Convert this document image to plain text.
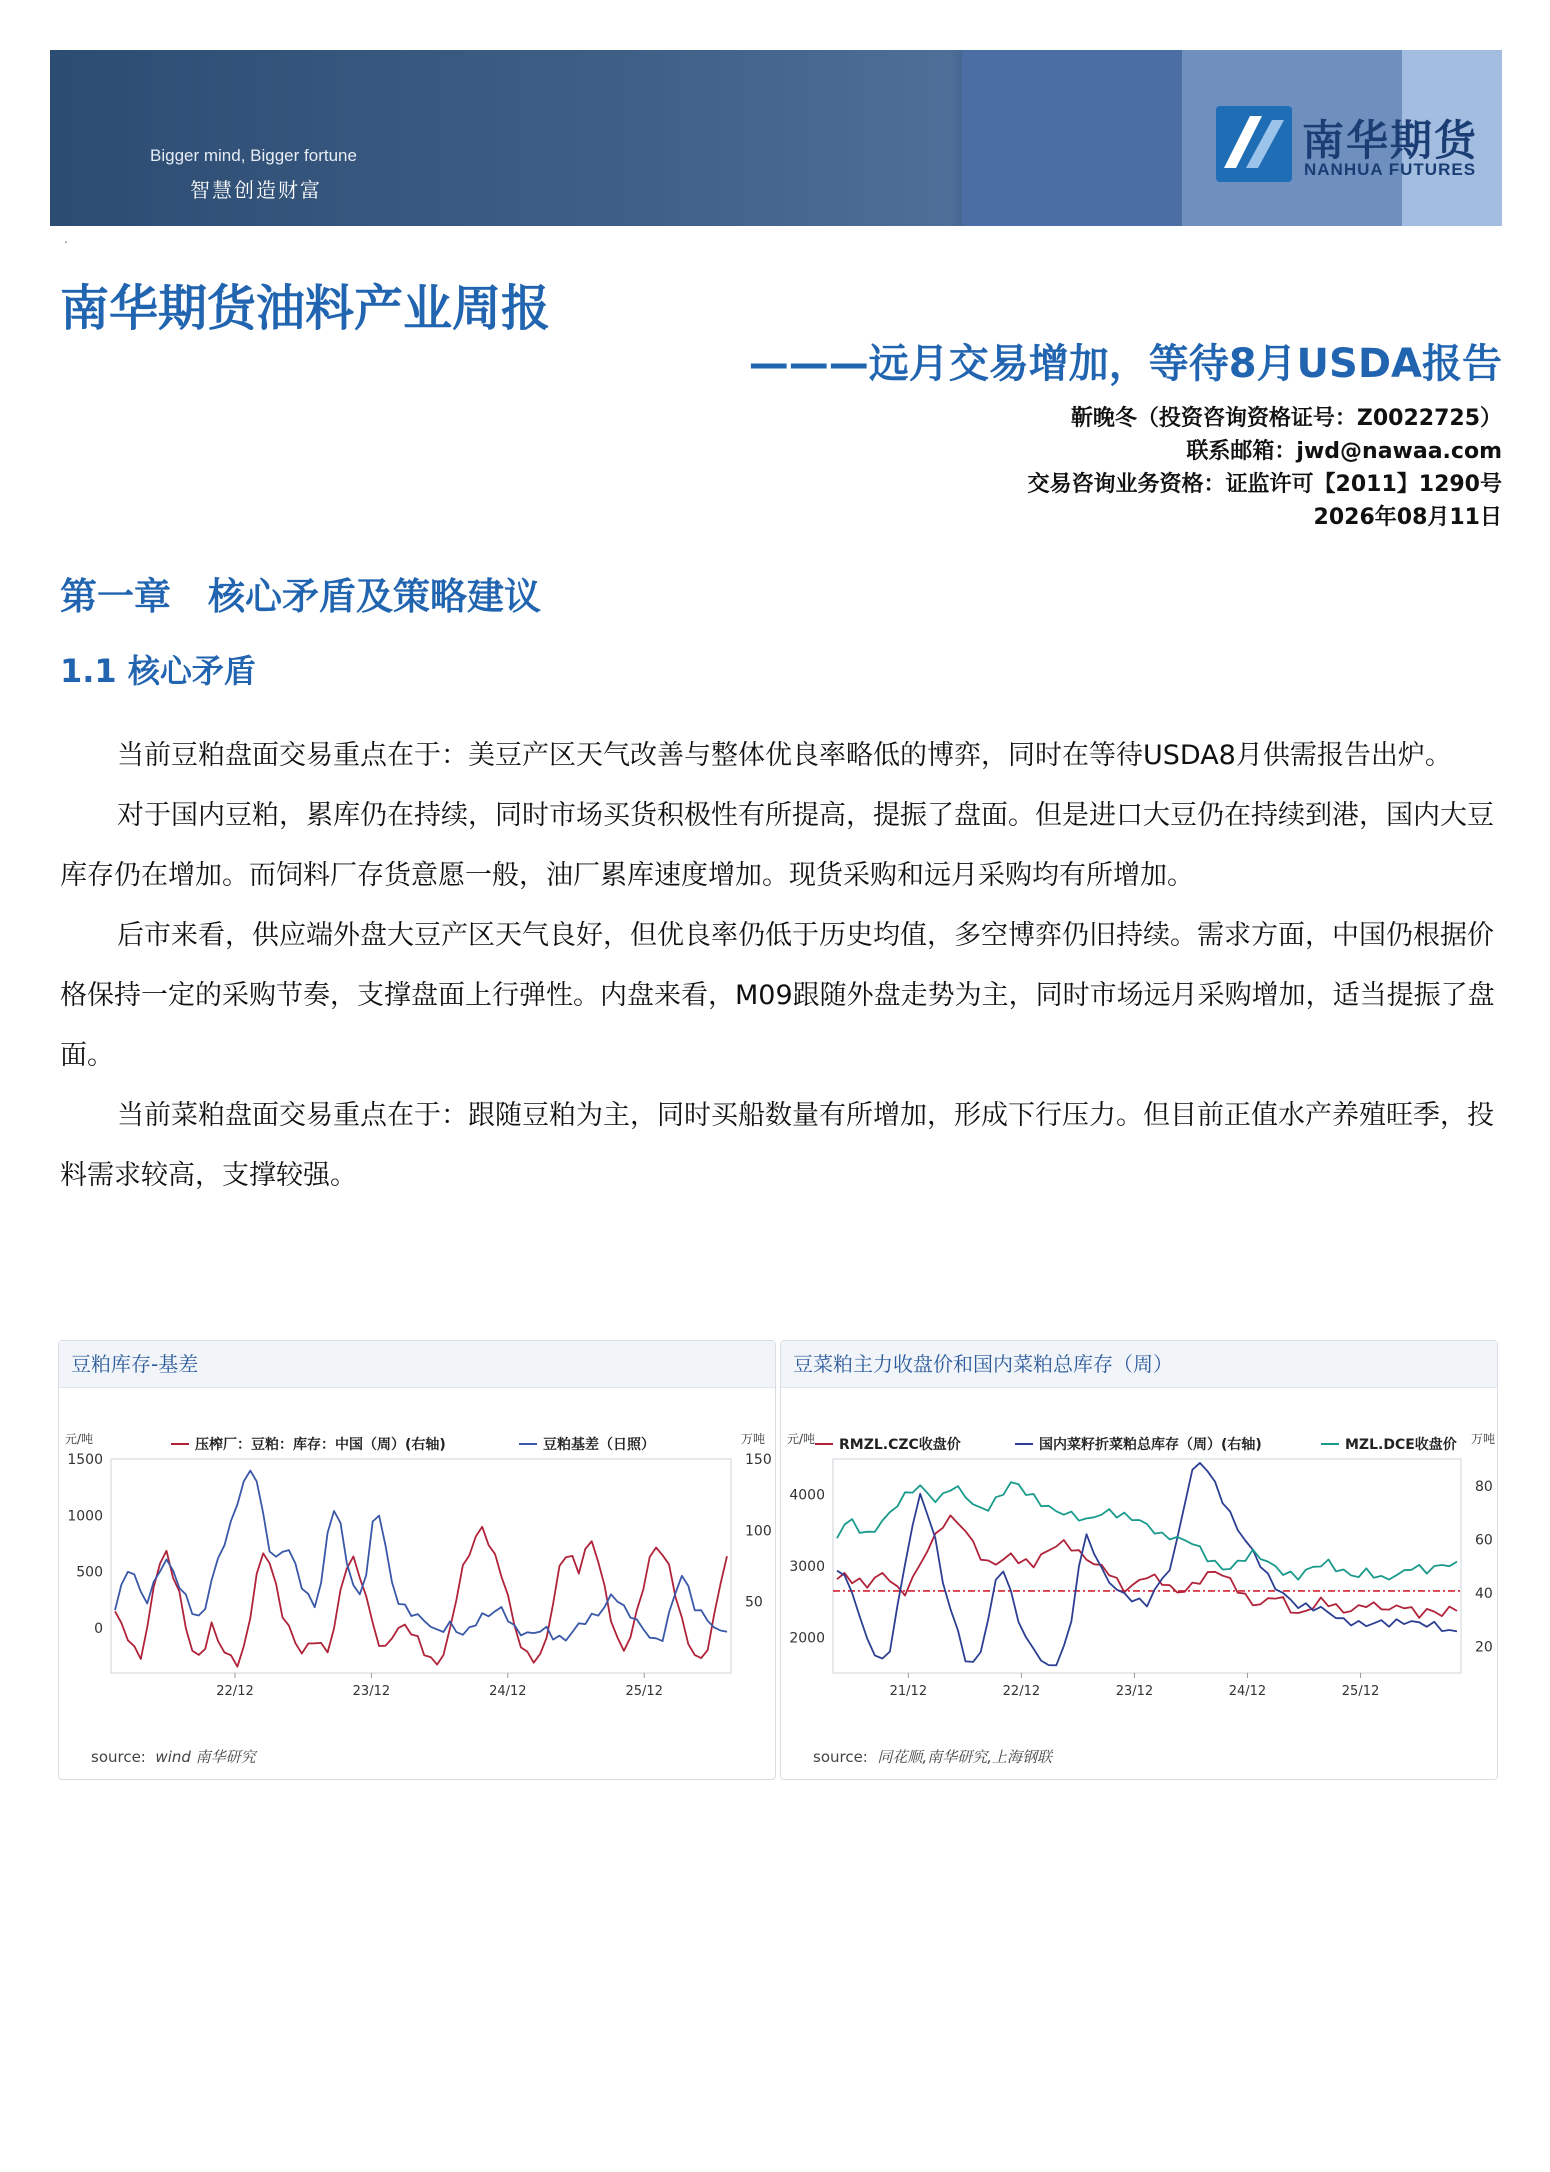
Bigger mind, Bigger fortune
智慧创造财富
南华期货
NANHUA FUTURES
.
南华期货油料产业周报
———远月交易增加，等待8月USDA报告
靳晚冬（投资咨询资格证号：Z0022725）
联系邮箱：jwd@nawaa.com
交易咨询业务资格：证监许可【2011】1290号
2026年08月11日
第一章　核心矛盾及策略建议
1.1 核心矛盾

当前豆粕盘面交易重点在于：美豆产区天气改善与整体优良率略低的博弈，同时在等待USDA8月供需报告出炉。

对于国内豆粕，累库仍在持续，同时市场买货积极性有所提高，提振了盘面。但是进口大豆仍在持续到港，国内大豆库存仍在增加。而饲料厂存货意愿一般，油厂累库速度增加。现货采购和远月采购均有所增加。

后市来看，供应端外盘大豆产区天气良好，但优良率仍低于历史均值，多空博弈仍旧持续。需求方面，中国仍根据价格保持一定的采购节奏，支撑盘面上行弹性。内盘来看，M09跟随外盘走势为主，同时市场远月采购增加，适当提振了盘面。

当前菜粕盘面交易重点在于：跟随豆粕为主，同时买船数量有所增加，形成下行压力。但目前正值水产养殖旺季，投料需求较高，支撑较强。

豆粕库存-基差
元/吨	万吨
1500
1000
500
0
150
100
50
22/12	23/12	24/12	25/12
压榨厂：豆粕：库存：中国（周）(右轴)	豆粕基差（日照）
source: wind 南华研究
豆菜粕主力收盘价和国内菜粕总库存（周）
元/吨	万吨
4000
3000
2000
80
60
40
20
21/12	22/12	23/12	24/12	25/12
RMZL.CZC收盘价	国内菜籽折菜粕总库存（周）(右轴)	MZL.DCE收盘价
source: 同花顺,南华研究,上海钢联
